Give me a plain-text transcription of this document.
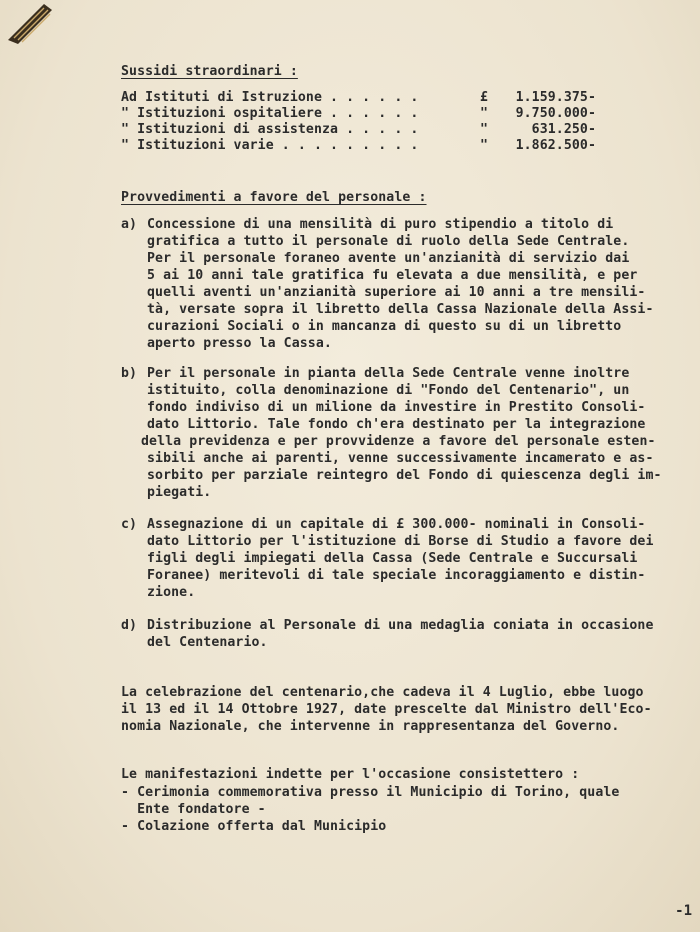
Sussidi straordinari :
Ad Istituti di Istruzione . . . . . .	£	1.159.375-
" Istituzioni ospitaliere . . . . . .	"	9.750.000-
" Istituzioni di assistenza . . . . .	"	631.250-
" Istituzioni varie . . . . . . . . .	"	1.862.500-
Provvedimenti a favore del personale :
a) Concessione di una mensilità di puro stipendio a titolo di
gratifica a tutto il personale di ruolo della Sede Centrale.
Per il personale foraneo avente un'anzianità di servizio dai
5 ai 10 anni tale gratifica fu elevata a due mensilità, e per
quelli aventi un'anzianità superiore ai 10 anni a tre mensili-
tà, versate sopra il libretto della Cassa Nazionale della Assi-
curazioni Sociali o in mancanza di questo su di un libretto
aperto presso la Cassa.
b) Per il personale in pianta della Sede Centrale venne inoltre
istituito, colla denominazione di "Fondo del Centenario", un
fondo indiviso di un milione da investire in Prestito Consoli-
dato Littorio. Tale fondo ch'era destinato per la integrazione
della previdenza e per provvidenze a favore del personale esten-
sibili anche ai parenti, venne successivamente incamerato e as-
sorbito per parziale reintegro del Fondo di quiescenza degli im-
piegati.
c) Assegnazione di un capitale di £ 300.000- nominali in Consoli-
dato Littorio per l'istituzione di Borse di Studio a favore dei
figli degli impiegati della Cassa (Sede Centrale e Succursali
Foranee) meritevoli di tale speciale incoraggiamento e distin-
zione.
d) Distribuzione al Personale di una medaglia coniata in occasione
del Centenario.
La celebrazione del centenario,che cadeva il 4 Luglio, ebbe luogo
il 13 ed il 14 Ottobre 1927, date prescelte dal Ministro dell'Eco-
nomia Nazionale, che intervenne in rappresentanza del Governo.
Le manifestazioni indette per l'occasione consistettero :
- Cerimonia commemorativa presso il Municipio di Torino, quale
Ente fondatore -
- Colazione offerta dal Municipio
-1
